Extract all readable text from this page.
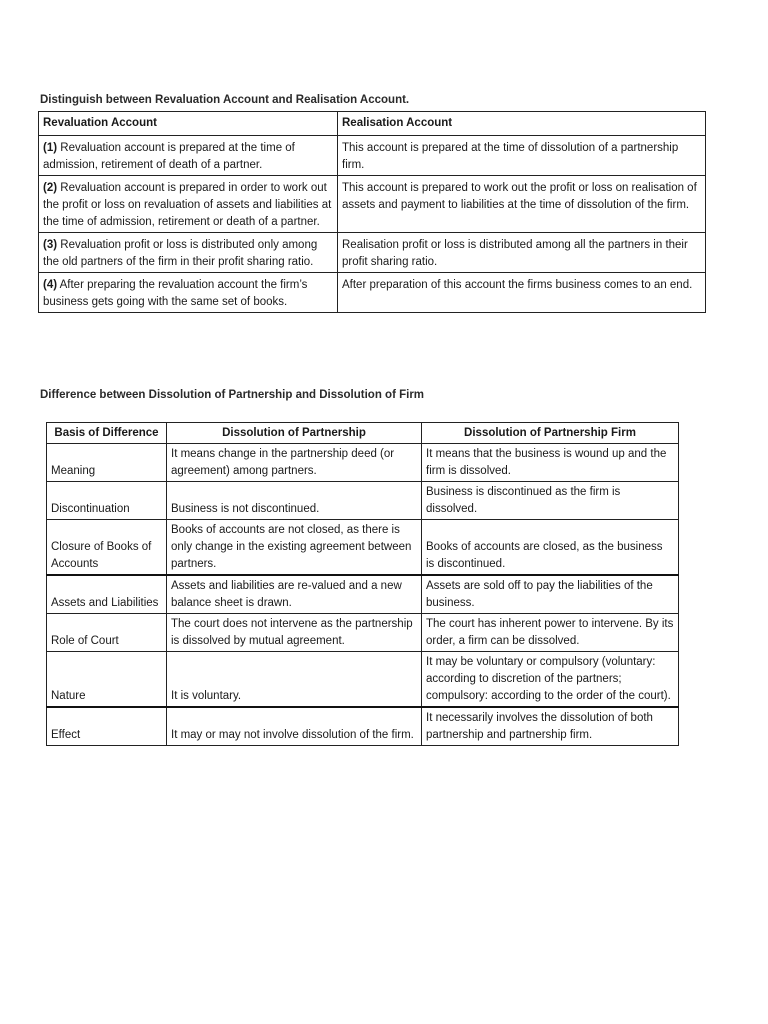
Distinguish between Revaluation Account and Realisation Account.
Revaluation Account	Realisation Account
(1) Revaluation account is prepared at the time of admission, retirement of death of a partner.	This account is prepared at the time of dissolution of a partnership firm.
(2) Revaluation account is prepared in order to work out the profit or loss on revaluation of assets and liabilities at the time of admission, retirement or death of a partner.	This account is prepared to work out the profit or loss on realisation of assets and payment to liabilities at the time of dissolution of the firm.
(3) Revaluation profit or loss is distributed only among the old partners of the firm in their profit sharing ratio.	Realisation profit or loss is distributed among all the partners in their profit sharing ratio.
(4) After preparing the revaluation account the firm’s business gets going with the same set of books.	After preparation of this account the firms business comes to an end.
Difference between Dissolution of Partnership and Dissolution of Firm
Basis of Difference	Dissolution of Partnership	Dissolution of Partnership Firm
Meaning	It means change in the partnership deed (or agreement) among partners.	It means that the business is wound up and the firm is dissolved.
Discontinuation	Business is not discontinued.	Business is discontinued as the firm is dissolved.
Closure of Books of Accounts	Books of accounts are not closed, as there is only change in the existing agreement between partners.	Books of accounts are closed, as the business is discontinued.
Assets and Liabilities	Assets and liabilities are re-valued and a new balance sheet is drawn.	Assets are sold off to pay the liabilities of the business.
Role of Court	The court does not intervene as the partnership is dissolved by mutual agreement.	The court has inherent power to intervene. By its order, a firm can be dissolved.
Nature	It is voluntary.	It may be voluntary or compulsory (voluntary: according to discretion of the partners; compulsory: according to the order of the court).
Effect	It may or may not involve dissolution of the firm.	It necessarily involves the dissolution of both partnership and partnership firm.
